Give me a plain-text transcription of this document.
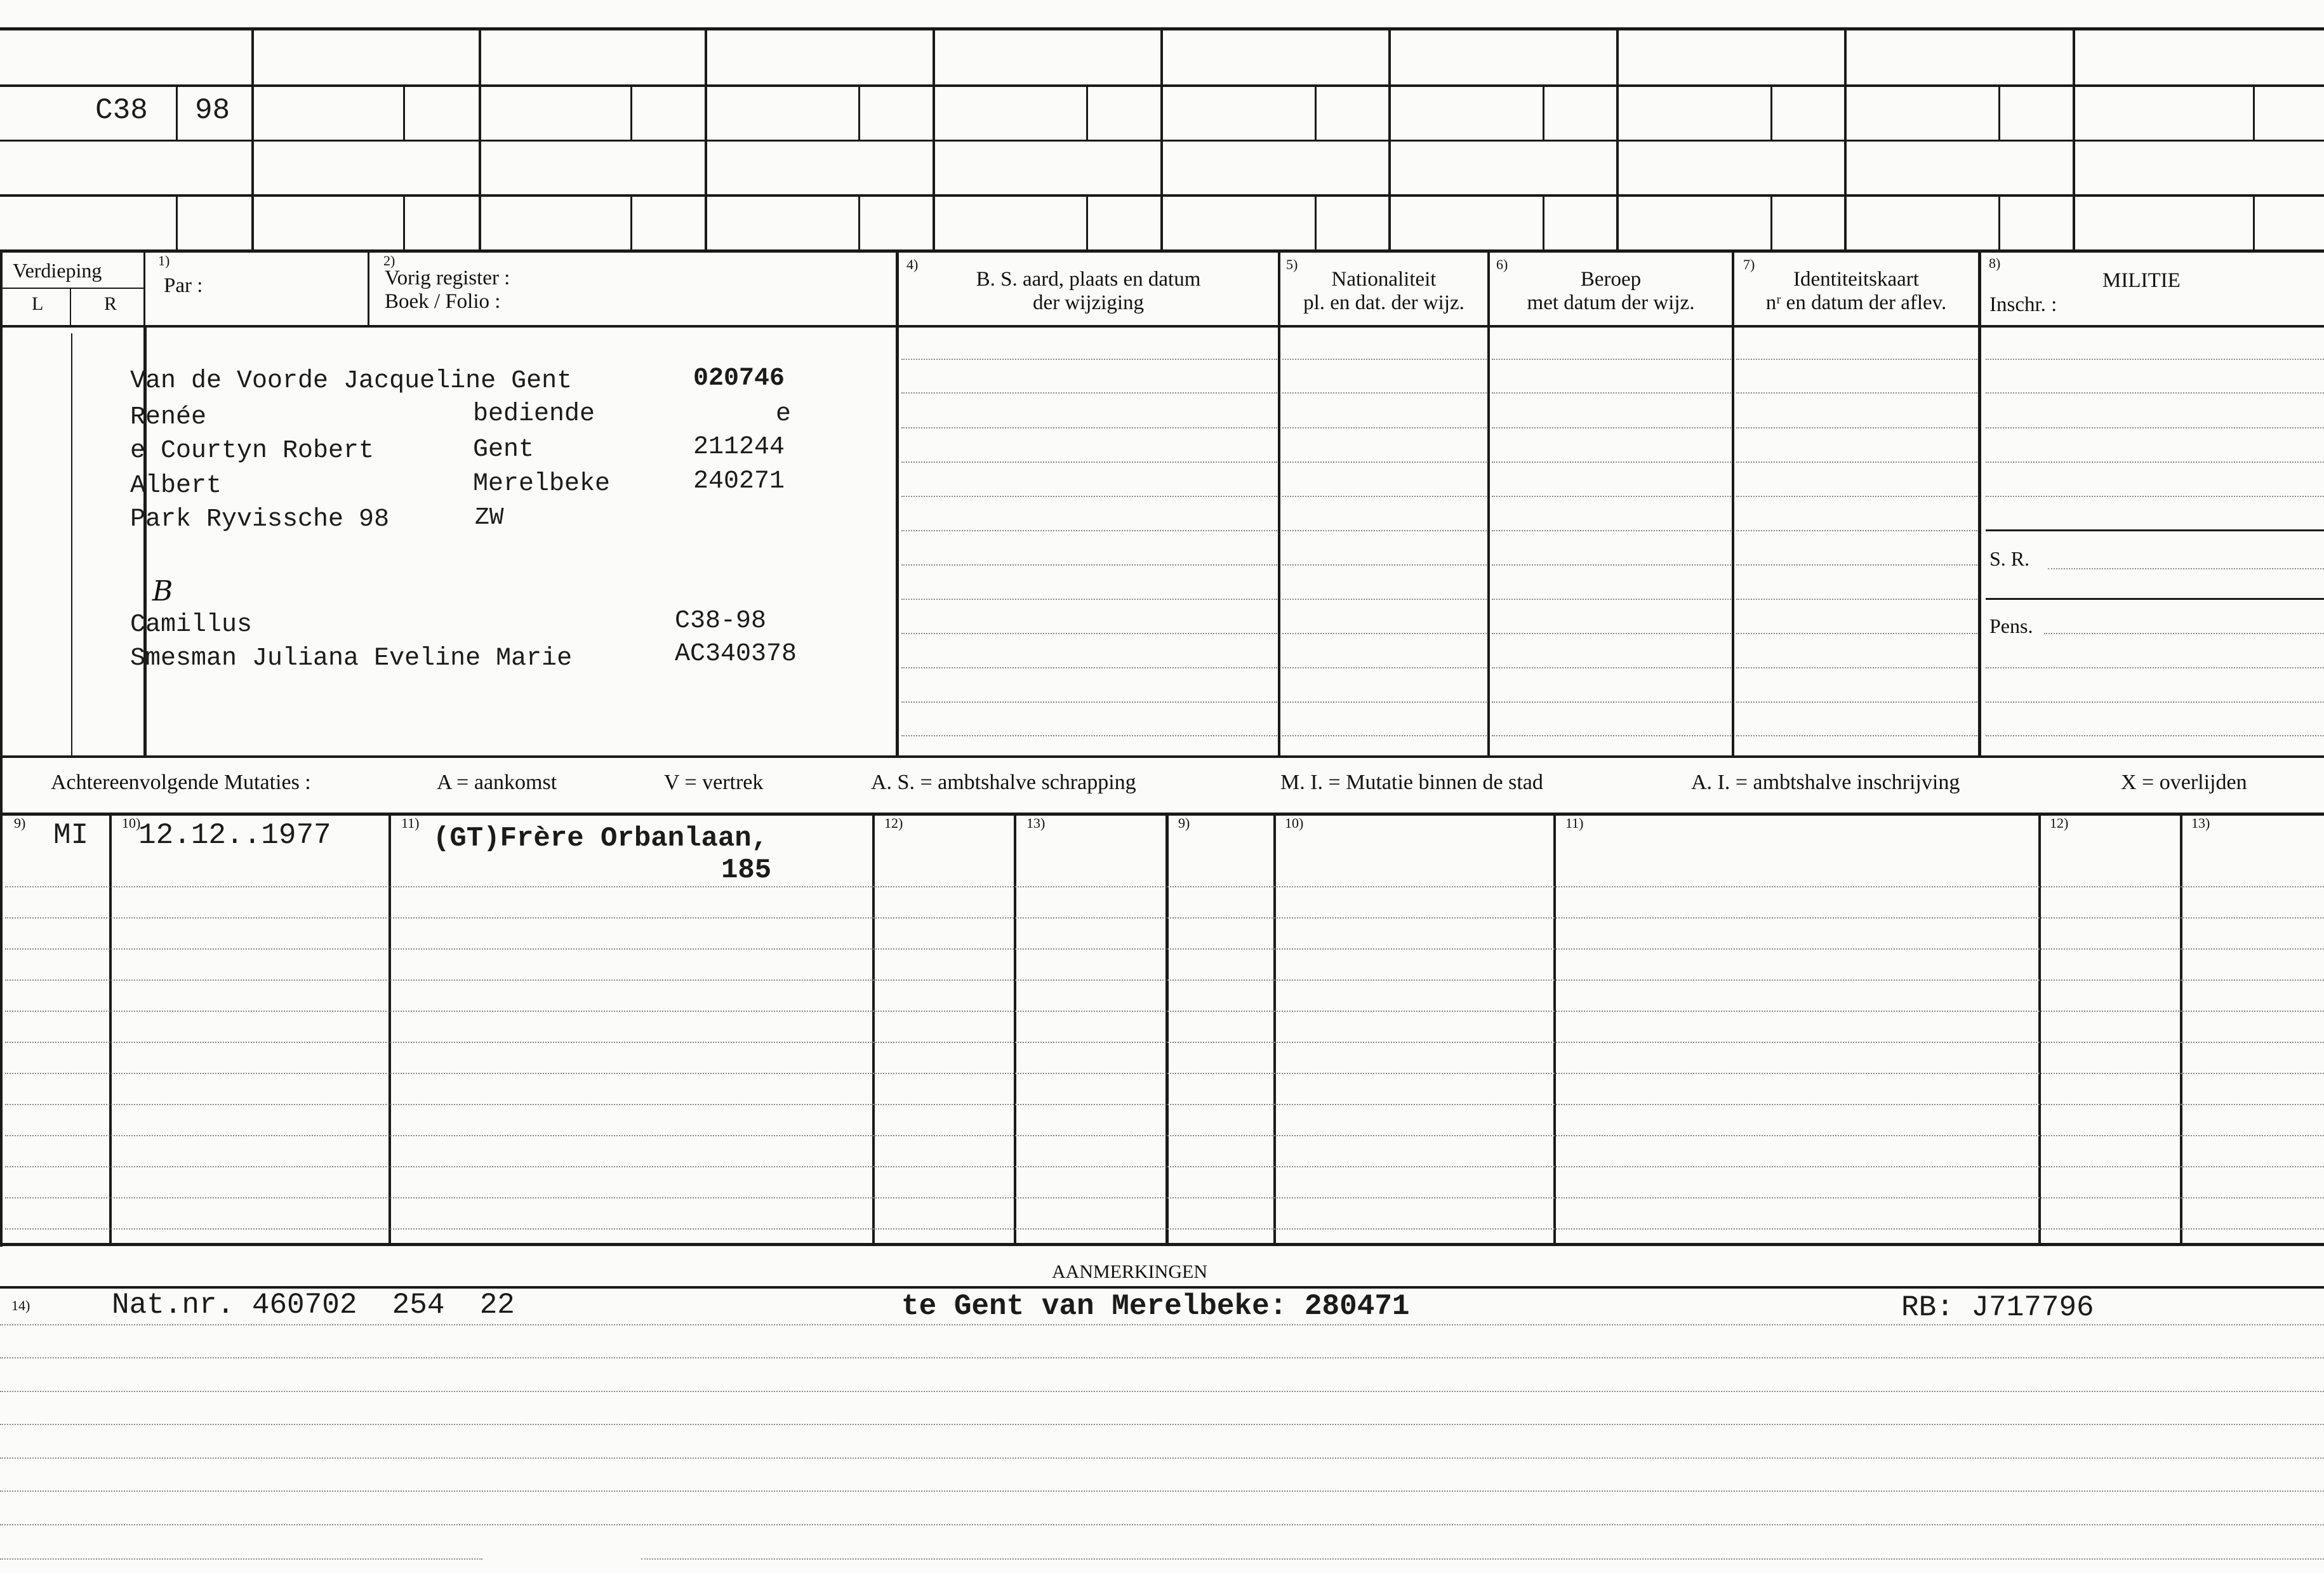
C38 98
Verdieping
L	R
1)
Par :
2)
Vorig register :
Boek / Folio :
4)
B. S. aard, plaats en datum
der wijziging
5)
Nationaliteit
pl. en dat. der wijz.
6)
Beroep
met datum der wijz.
7)
Identiteitskaart
nʳ en datum der aflev.
8)
MILITIE
Inschr. :
S. R.
Pens.
Van de Voorde Jacqueline Gent	020746
Renée	bediende	e
e Courtyn Robert	Gent	211244
Albert	Merelbeke	240271
Park Ryvissche 98	ZW
B
Camillus	C38-98
Smesman Juliana Eveline Marie	AC340378
Achtereenvolgende Mutaties :	A = aankomst	V = vertrek	A. S. = ambtshalve schrapping	M. I. = Mutatie binnen de stad	A. I. = ambtshalve inschrijving	X = overlijden
9)	10)	11)	12)	13)	9)	10)	11)	12)	13)
MI 12.12..1977	(GT)Frère Orbanlaan,
185
AANMERKINGEN
14)	Nat.nr. 460702  254  22	te Gent van Merelbeke: 280471	RB: J717796
